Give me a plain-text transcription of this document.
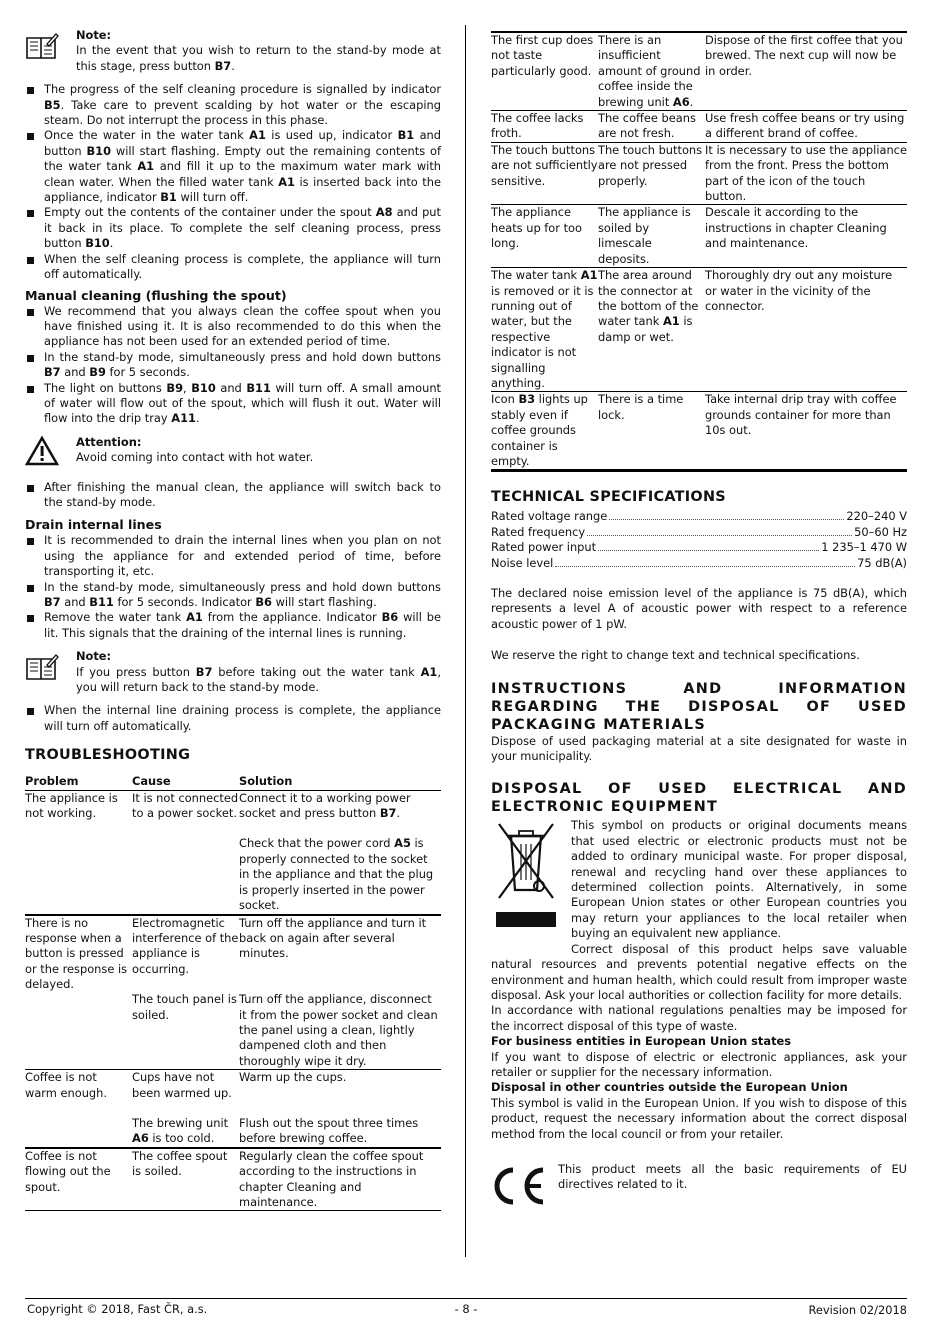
Note:

In the event that you wish to return to the stand-by mode at this stage, press button B7.

The progress of the self cleaning procedure is signalled by indicator B5. Take care to prevent scalding by hot water or the escaping steam. Do not interrupt the process in this phase.
Once the water in the water tank A1 is used up, indicator B1 and button B10 will start flashing. Empty out the remaining contents of the water tank A1 and fill it up to the maximum water mark with clean water. When the filled water tank A1 is inserted back into the appliance, indicator B1 will turn off.
Empty out the contents of the container under the spout A8 and put it back in its place. To complete the self cleaning process, press button B10.
When the self cleaning process is complete, the appliance will turn off automatically.
Manual cleaning (flushing the spout)
We recommend that you always clean the coffee spout when you have finished using it. It is also recommended to do this when the appliance has not been used for an extended period of time.
In the stand-by mode, simultaneously press and hold down buttons B7 and B9 for 5 seconds.
The light on buttons B9, B10 and B11 will turn off. A small amount of water will flow out of the spout, which will flush it out. Water will flow into the drip tray A11.
Attention:

Avoid coming into contact with hot water.

After finishing the manual clean, the appliance will switch back to the stand-by mode.
Drain internal lines
It is recommended to drain the internal lines when you plan on not using the appliance for and extended period of time, before transporting it, etc.
In the stand-by mode, simultaneously press and hold down buttons B7 and B11 for 5 seconds. Indicator B6 will start flashing.
Remove the water tank A1 from the appliance. Indicator B6 will be lit. This signals that the draining of the internal lines is running.
Note:

If you press button B7 before taking out the water tank A1, you will return back to the stand-by mode.

When the internal line draining process is complete, the appliance will turn off automatically.
TROUBLESHOOTING
Problem	Cause	Solution
The appliance is not working.	It is not connected to a power socket.	Connect it to a working power socket and press button B7.
		Check that the power cord A5 is properly connected to the socket in the appliance and that the plug is properly inserted in the power socket.
There is no response when a button is pressed or the response is delayed.	Electromagnetic interference of the appliance is occurring.	Turn off the appliance and turn it back on again after several minutes.
	The touch panel is soiled.	Turn off the appliance, disconnect it from the power socket and clean the panel using a clean, lightly dampened cloth and then thoroughly wipe it dry.
Coffee is not warm enough.	Cups have not been warmed up.	Warm up the cups.
	The brewing unit A6 is too cold.	Flush out the spout three times before brewing coffee.
Coffee is not flowing out the spout.	The coffee spout is soiled.	Regularly clean the coffee spout according to the instructions in chapter Cleaning and maintenance.
The first cup does not taste particularly good.	There is an insufficient amount of ground coffee inside the brewing unit A6.	Dispose of the first coffee that you brewed. The next cup will now be in order.
The coffee lacks froth.	The coffee beans are not fresh.	Use fresh coffee beans or try using a different brand of coffee.
The touch buttons are not sufficiently sensitive.	The touch buttons are not pressed properly.	It is necessary to use the appliance from the front. Press the bottom part of the icon of the touch button.
The appliance heats up for too long.	The appliance is soiled by limescale deposits.	Descale it according to the instructions in chapter Cleaning and maintenance.
The water tank A1 is removed or it is running out of water, but the respective indicator is not signalling anything.	The area around the connector at the bottom of the water tank A1 is damp or wet.	Thoroughly dry out any moisture or water in the vicinity of the connector.
Icon B3 lights up stably even if coffee grounds container is empty.	There is a time lock.	Take internal drip tray with coffee grounds container for more than 10s out.
TECHNICAL SPECIFICATIONS
Rated voltage range	220–240 V
Rated frequency	50–60 Hz
Rated power input	1 235–1 470 W
Noise level	75 dB(A)

The declared noise emission level of the appliance is 75 dB(A), which represents a level A of acoustic power with respect to a reference acoustic power of 1 pW.

We reserve the right to change text and technical specifications.

INSTRUCTIONS AND INFORMATION REGARDING THE DISPOSAL OF USED PACKAGING MATERIALS

Dispose of used packaging material at a site designated for waste in your municipality.

DISPOSAL OF USED ELECTRICAL AND ELECTRONIC EQUIPMENT

This symbol on products or original documents means that used electric or electronic products must not be added to ordinary municipal waste. For proper disposal, renewal and recycling hand over these appliances to determined collection points. Alternatively, in some European Union states or other European countries you may return your appliances to the local retailer when buying an equivalent new appliance.

Correct disposal of this product helps save valuable natural resources and prevents potential negative effects on the environment and human health, which could result from improper waste disposal. Ask your local authorities or collection facility for more details.

In accordance with national regulations penalties may be imposed for the incorrect disposal of this type of waste.

For business entities in European Union states

If you want to dispose of electric or electronic appliances, ask your retailer or supplier for the necessary information.

Disposal in other countries outside the European Union

This symbol is valid in the European Union. If you wish to dispose of this product, request the necessary information about the correct disposal method from the local council or from your retailer.

This product meets all the basic requirements of EU directives related to it.

Copyright © 2018, Fast ČR, a.s.	- 8 -	Revision 02/2018
